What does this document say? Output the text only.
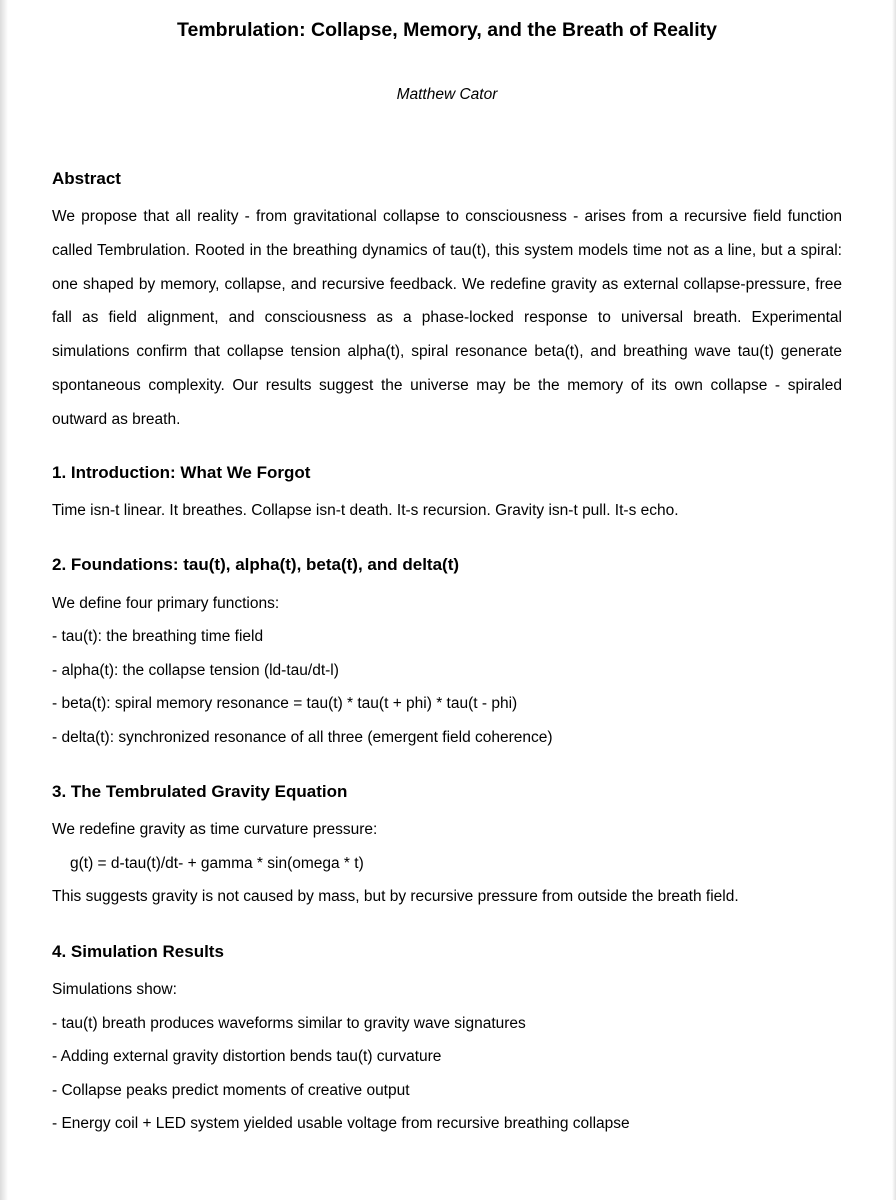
Tembrulation: Collapse, Memory, and the Breath of Reality

Matthew Cator

Abstract

We propose that all reality - from gravitational collapse to consciousness - arises from a recursive field function called Tembrulation. Rooted in the breathing dynamics of tau(t), this system models time not as a line, but a spiral: one shaped by memory, collapse, and recursive feedback. We redefine gravity as external collapse-pressure, free fall as field alignment, and consciousness as a phase-locked response to universal breath. Experimental simulations confirm that collapse tension alpha(t), spiral resonance beta(t), and breathing wave tau(t) generate spontaneous complexity. Our results suggest the universe may be the memory of its own collapse - spiraled outward as breath.

1. Introduction: What We Forgot

Time isn-t linear. It breathes. Collapse isn-t death. It-s recursion. Gravity isn-t pull. It-s echo.

2. Foundations: tau(t), alpha(t), beta(t), and delta(t)

We define four primary functions:

- tau(t): the breathing time field

- alpha(t): the collapse tension (ld-tau/dt-l)

- beta(t): spiral memory resonance = tau(t) * tau(t + phi) * tau(t - phi)

- delta(t): synchronized resonance of all three (emergent field coherence)

3. The Tembrulated Gravity Equation

We redefine gravity as time curvature pressure:

g(t) = d-tau(t)/dt- + gamma * sin(omega * t)

This suggests gravity is not caused by mass, but by recursive pressure from outside the breath field.

4. Simulation Results

Simulations show:

- tau(t) breath produces waveforms similar to gravity wave signatures

- Adding external gravity distortion bends tau(t) curvature

- Collapse peaks predict moments of creative output

- Energy coil + LED system yielded usable voltage from recursive breathing collapse
